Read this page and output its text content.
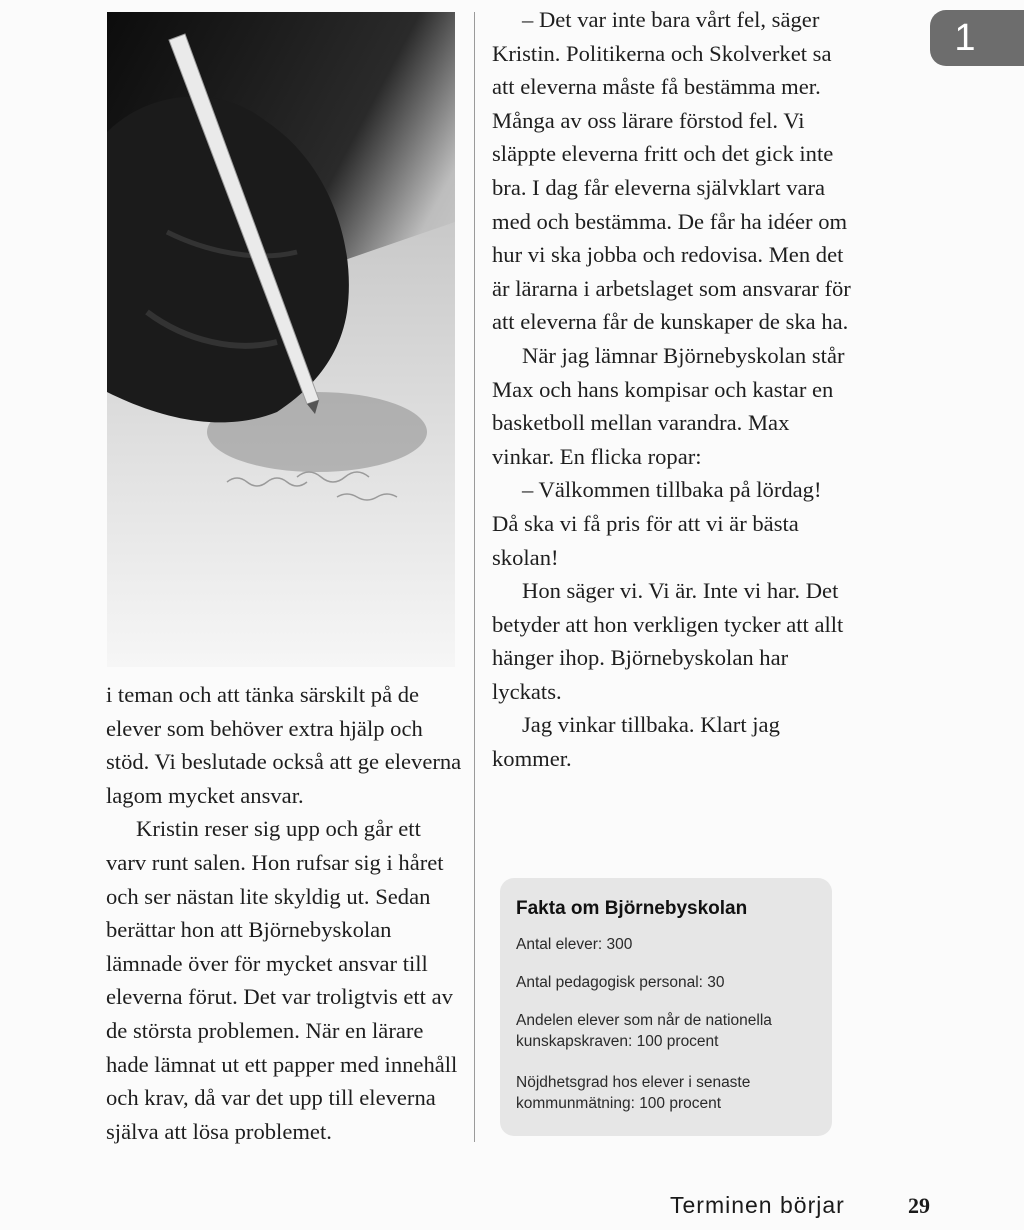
i teman och att tänka särskilt på de elever som behöver extra hjälp och stöd. Vi beslutade också att ge eleverna lagom mycket ansvar.

Kristin reser sig upp och går ett varv runt salen. Hon rufsar sig i håret och ser nästan lite skyldig ut. Sedan berättar hon att Björnebyskolan lämnade över för mycket ansvar till eleverna förut. Det var troligtvis ett av de största problemen. När en lärare hade lämnat ut ett papper med innehåll och krav, då var det upp till eleverna själva att lösa problemet.

– Det var inte bara vårt fel, säger Kristin. Politikerna och Skolverket sa att eleverna måste få bestämma mer. Många av oss lärare förstod fel. Vi släppte eleverna fritt och det gick inte bra. I dag får eleverna självklart vara med och bestämma. De får ha idéer om hur vi ska jobba och redovisa. Men det är lärarna i arbetslaget som ansvarar för att eleverna får de kunskaper de ska ha.

När jag lämnar Björnebyskolan står Max och hans kompisar och kastar en basketboll mellan varandra. Max vinkar. En flicka ropar:

– Välkommen tillbaka på lördag! Då ska vi få pris för att vi är bästa skolan!

Hon säger vi. Vi är. Inte vi har. Det betyder att hon verkligen tycker att allt hänger ihop. Björnebyskolan har lyckats.

Jag vinkar tillbaka. Klart jag kommer.

1
Fakta om Björnebyskolan
Antal elever: 300
Antal pedagogisk personal: 30
Andelen elever som når de nationella kunskapskraven: 100 procent
Nöjdhetsgrad hos elever i senaste kommunmätning: 100 procent
Terminen börjar	29
